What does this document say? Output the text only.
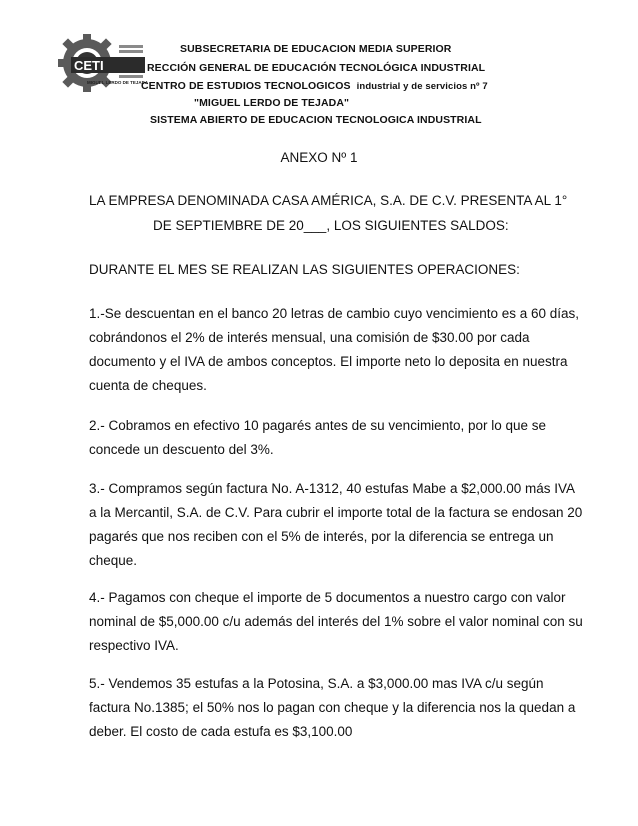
CETI
MIGUEL LERDO DE TEJADA
SUBSECRETARIA DE EDUCACION MEDIA SUPERIOR
RECCIÓN GENERAL DE EDUCACIÓN TECNOLÓGICA INDUSTRIAL
CENTRO DE ESTUDIOS TECNOLOGICOS industrial y de servicios nº 7
"MIGUEL LERDO DE TEJADA"
SISTEMA ABIERTO DE EDUCACION TECNOLOGICA INDUSTRIAL
ANEXO Nº 1
LA EMPRESA DENOMINADA CASA AMÉRICA, S.A. DE C.V. PRESENTA AL 1°
DE SEPTIEMBRE DE 20___, LOS SIGUIENTES SALDOS:
DURANTE EL MES SE REALIZAN LAS SIGUIENTES OPERACIONES:
1.-Se descuentan en el banco 20 letras de cambio cuyo vencimiento es a 60 días,
cobrándonos el 2% de interés mensual, una comisión de $30.00 por cada
documento y el IVA de ambos conceptos. El importe neto lo deposita en nuestra
cuenta de cheques.
2.- Cobramos en efectivo 10 pagarés antes de su vencimiento, por lo que se
concede un descuento del 3%.
3.- Compramos según factura No. A-1312, 40 estufas Mabe a $2,000.00 más IVA
a la Mercantil, S.A. de C.V. Para cubrir el importe total de la factura se endosan 20
pagarés que nos reciben con el 5% de interés, por la diferencia se entrega un
cheque.
4.- Pagamos con cheque el importe de 5 documentos a nuestro cargo con valor
nominal de $5,000.00 c/u además del interés del 1% sobre el valor nominal con su
respectivo IVA.
5.- Vendemos 35 estufas a la Potosina, S.A. a $3,000.00 mas IVA c/u según
factura No.1385; el 50% nos lo pagan con cheque y la diferencia nos la quedan a
deber. El costo de cada estufa es $3,100.00
